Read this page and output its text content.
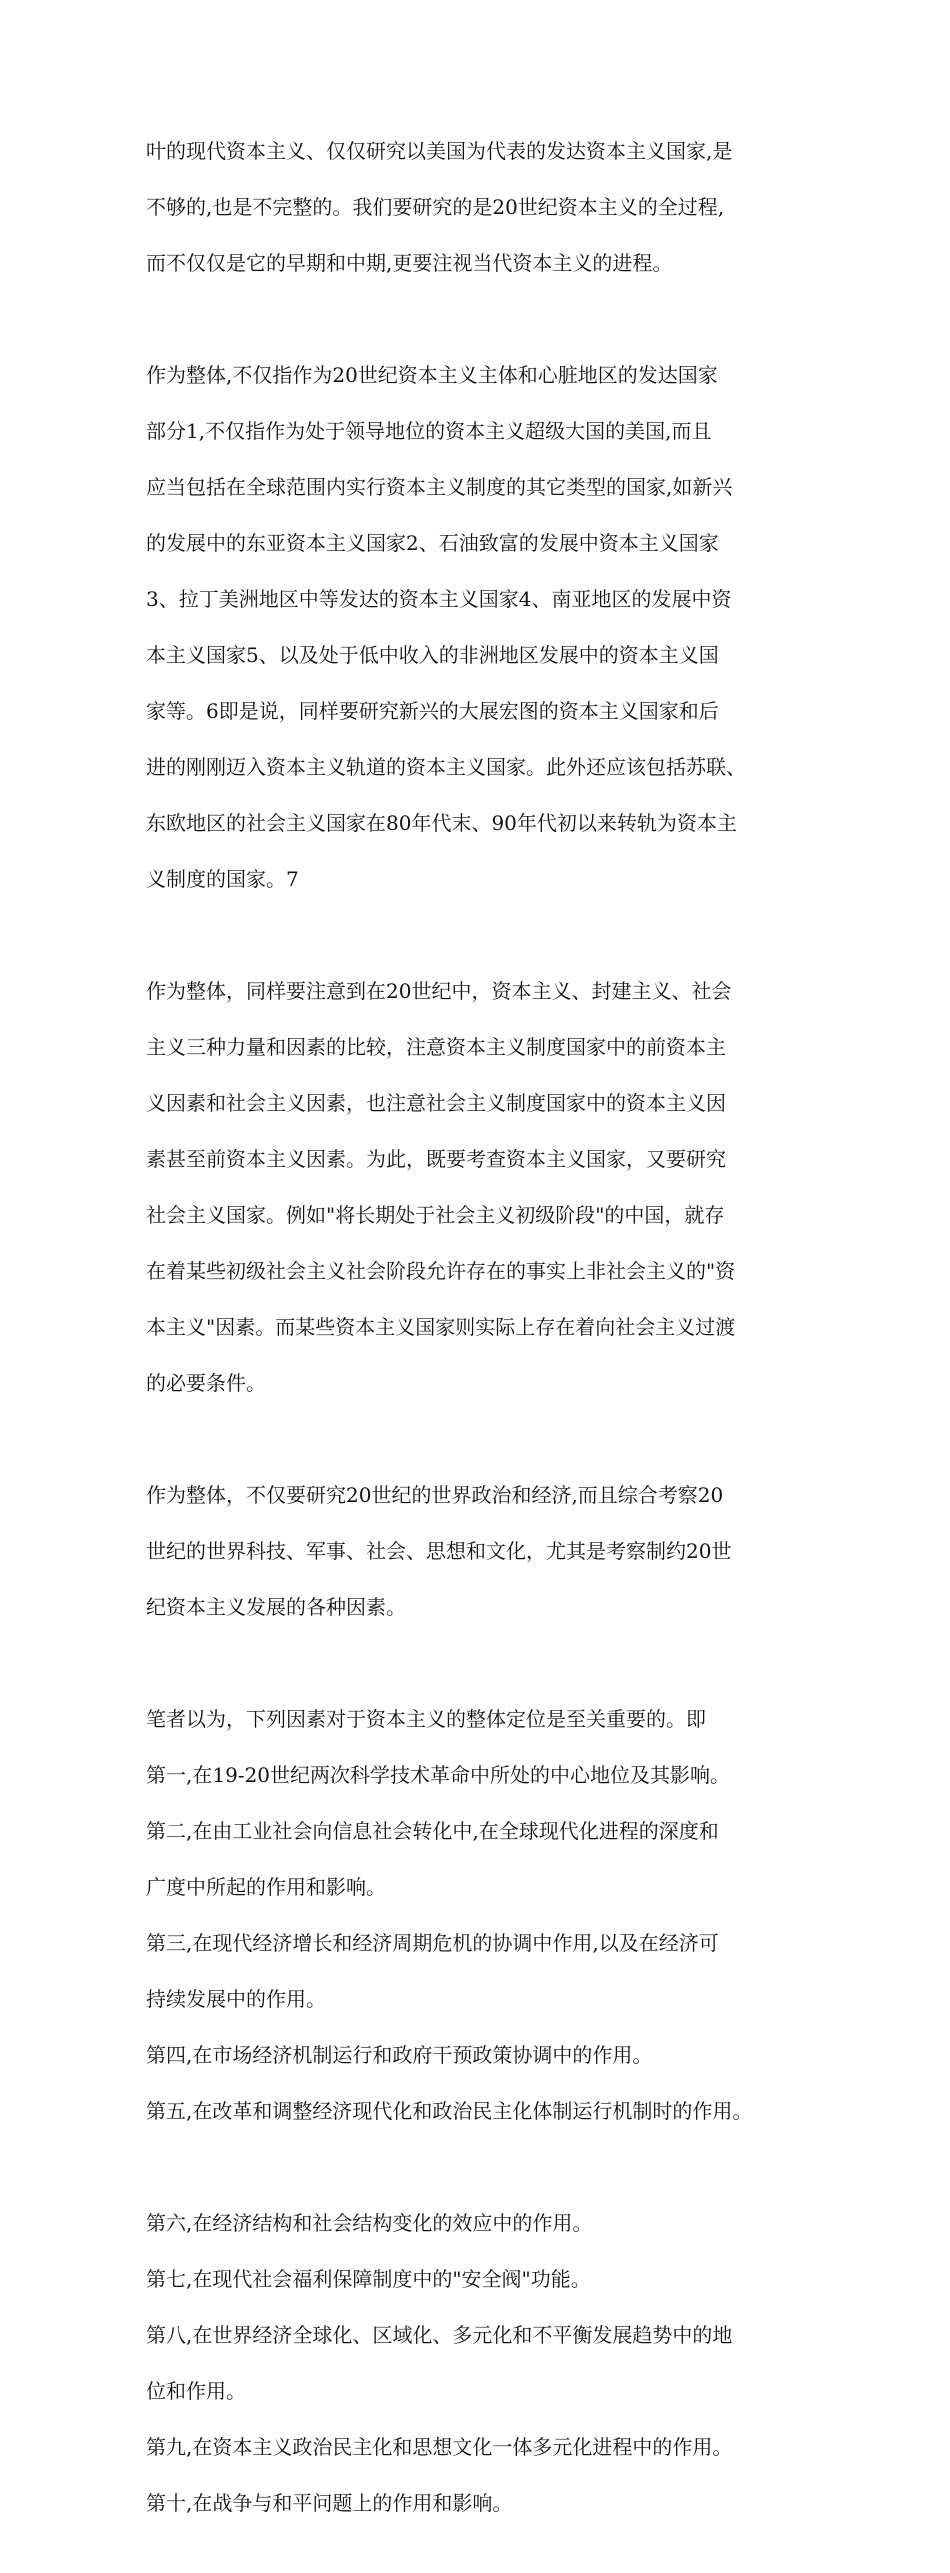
叶的现代资本主义、仅仅研究以美国为代表的发达资本主义国家,是

不够的,也是不完整的。我们要研究的是20世纪资本主义的全过程,

而不仅仅是它的早期和中期,更要注视当代资本主义的进程。

作为整体,不仅指作为20世纪资本主义主体和心脏地区的发达国家

部分1,不仅指作为处于领导地位的资本主义超级大国的美国,而且

应当包括在全球范围内实行资本主义制度的其它类型的国家,如新兴

的发展中的东亚资本主义国家2、石油致富的发展中资本主义国家

3、拉丁美洲地区中等发达的资本主义国家4、南亚地区的发展中资

本主义国家5、以及处于低中收入的非洲地区发展中的资本主义国

家等。6即是说，同样要研究新兴的大展宏图的资本主义国家和后

进的刚刚迈入资本主义轨道的资本主义国家。此外还应该包括苏联、

东欧地区的社会主义国家在80年代末、90年代初以来转轨为资本主

义制度的国家。7

作为整体，同样要注意到在20世纪中，资本主义、封建主义、社会

主义三种力量和因素的比较，注意资本主义制度国家中的前资本主

义因素和社会主义因素，也注意社会主义制度国家中的资本主义因

素甚至前资本主义因素。为此，既要考查资本主义国家，又要研究

社会主义国家。例如"将长期处于社会主义初级阶段"的中国，就存

在着某些初级社会主义社会阶段允许存在的事实上非社会主义的"资

本主义"因素。而某些资本主义国家则实际上存在着向社会主义过渡

的必要条件。

作为整体，不仅要研究20世纪的世界政治和经济,而且综合考察20

世纪的世界科技、军事、社会、思想和文化，尤其是考察制约20世

纪资本主义发展的各种因素。

笔者以为，下列因素对于资本主义的整体定位是至关重要的。即

第一,在19-20世纪两次科学技术革命中所处的中心地位及其影响。

第二,在由工业社会向信息社会转化中,在全球现代化进程的深度和

广度中所起的作用和影响。

第三,在现代经济增长和经济周期危机的协调中作用,以及在经济可

持续发展中的作用。

第四,在市场经济机制运行和政府干预政策协调中的作用。

第五,在改革和调整经济现代化和政治民主化体制运行机制时的作用。

第六,在经济结构和社会结构变化的效应中的作用。

第七,在现代社会福利保障制度中的"安全阀"功能。

第八,在世界经济全球化、区域化、多元化和不平衡发展趋势中的地

位和作用。

第九,在资本主义政治民主化和思想文化一体多元化进程中的作用。

第十,在战争与和平问题上的作用和影响。
